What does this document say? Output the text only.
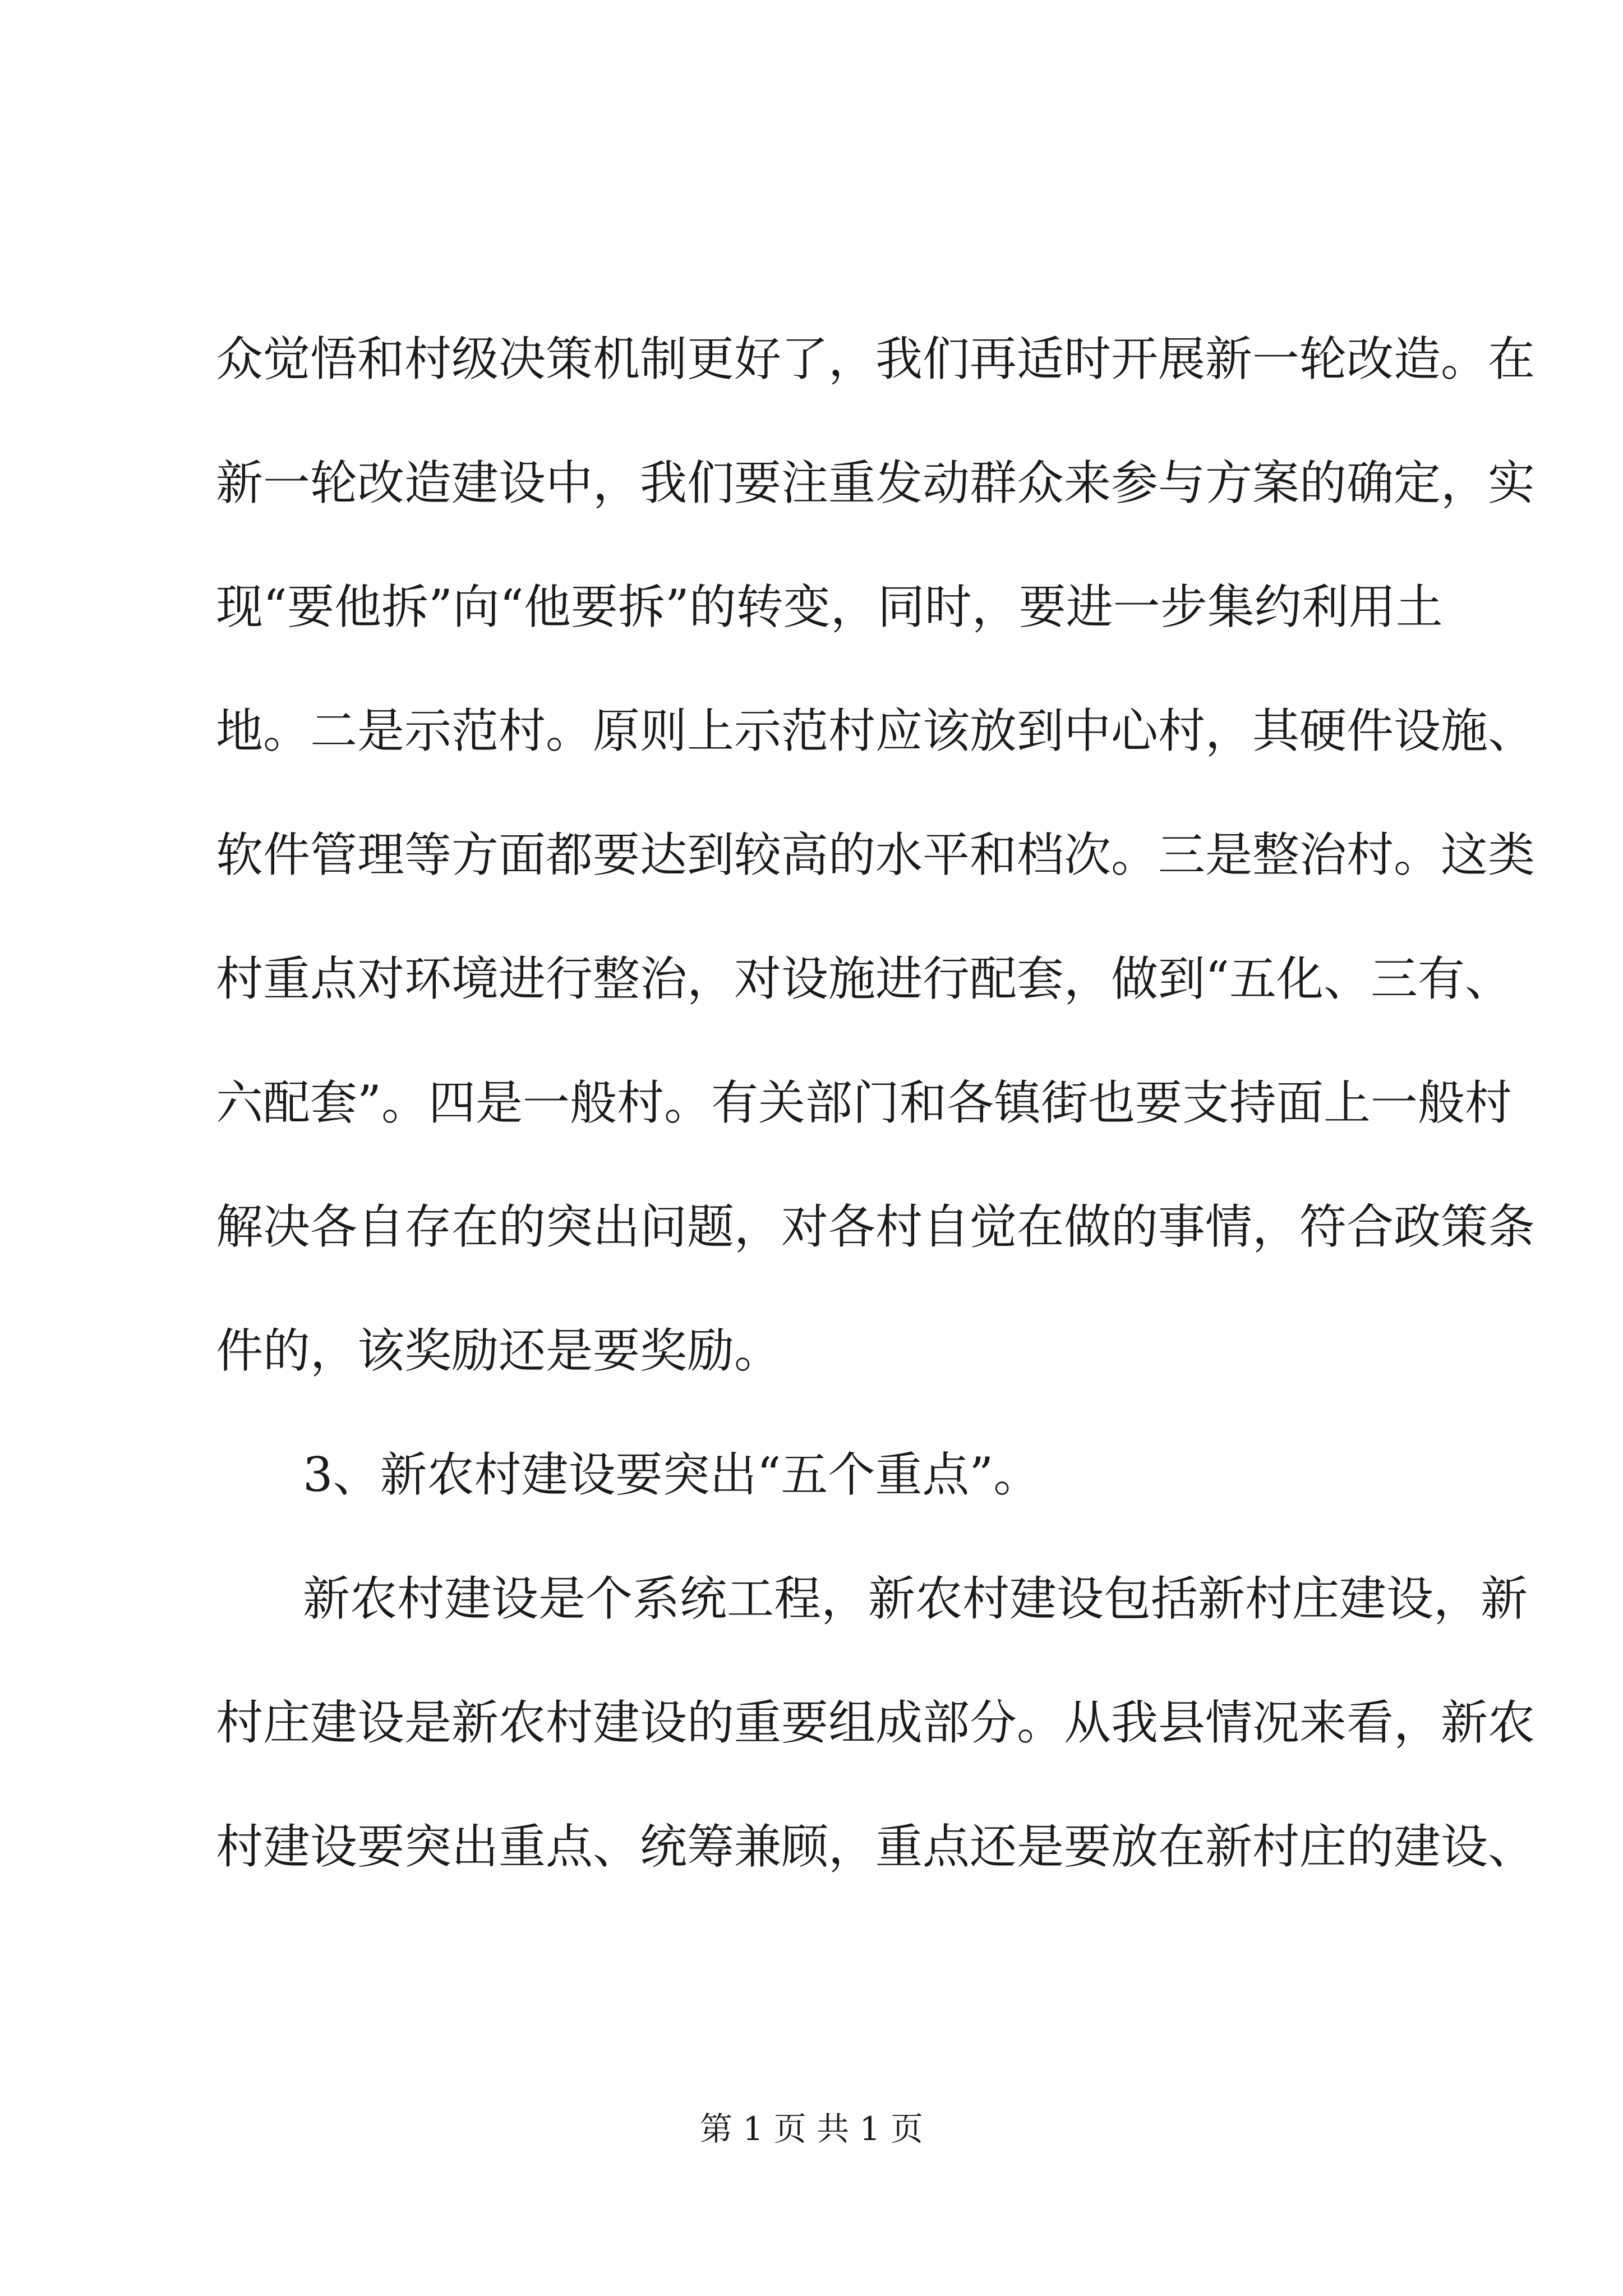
众觉悟和村级决策机制更好了，我们再适时开展新一轮改造。在
新一轮改造建设中，我们要注重发动群众来参与方案的确定，实
现“要他拆”向“他要拆”的转变，同时，要进一步集约利用土
地。二是示范村。原则上示范村应该放到中心村，其硬件设施、
软件管理等方面都要达到较高的水平和档次。三是整治村。这类
村重点对环境进行整治，对设施进行配套，做到“五化、三有、
六配套”。四是一般村。有关部门和各镇街也要支持面上一般村
解决各自存在的突出问题，对各村自觉在做的事情，符合政策条
件的，该奖励还是要奖励。
3、新农村建设要突出“五个重点”。
新农村建设是个系统工程，新农村建设包括新村庄建设，新
村庄建设是新农村建设的重要组成部分。从我县情况来看，新农
村建设要突出重点、统筹兼顾，重点还是要放在新村庄的建设、
第 1 页 共 1 页
